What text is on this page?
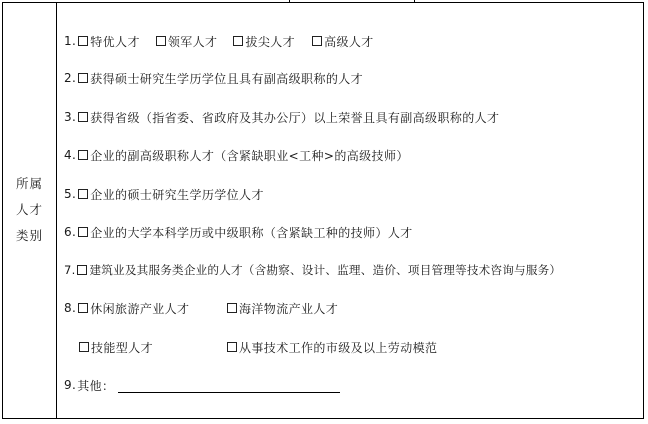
所属
人才
类别
1. 特优人才 领军人才 拔尖人才 高级人才
2. 获得硕士研究生学历学位且具有副高级职称的人才
3. 获得省级（指省委、省政府及其办公厅）以上荣誉且具有副高级职称的人才
4. 企业的副高级职称人才（含紧缺职业<工种>的高级技师）
5. 企业的硕士研究生学历学位人才
6. 企业的大学本科学历或中级职称（含紧缺工种的技师）人才
7. 建筑业及其服务类企业的人才（含勘察、设计、监理、造价、项目管理等技术咨询与服务）
8. 休闲旅游产业人才	海洋物流产业人才
技能型人才	从事技术工作的市级及以上劳动模范
9. 其他：
